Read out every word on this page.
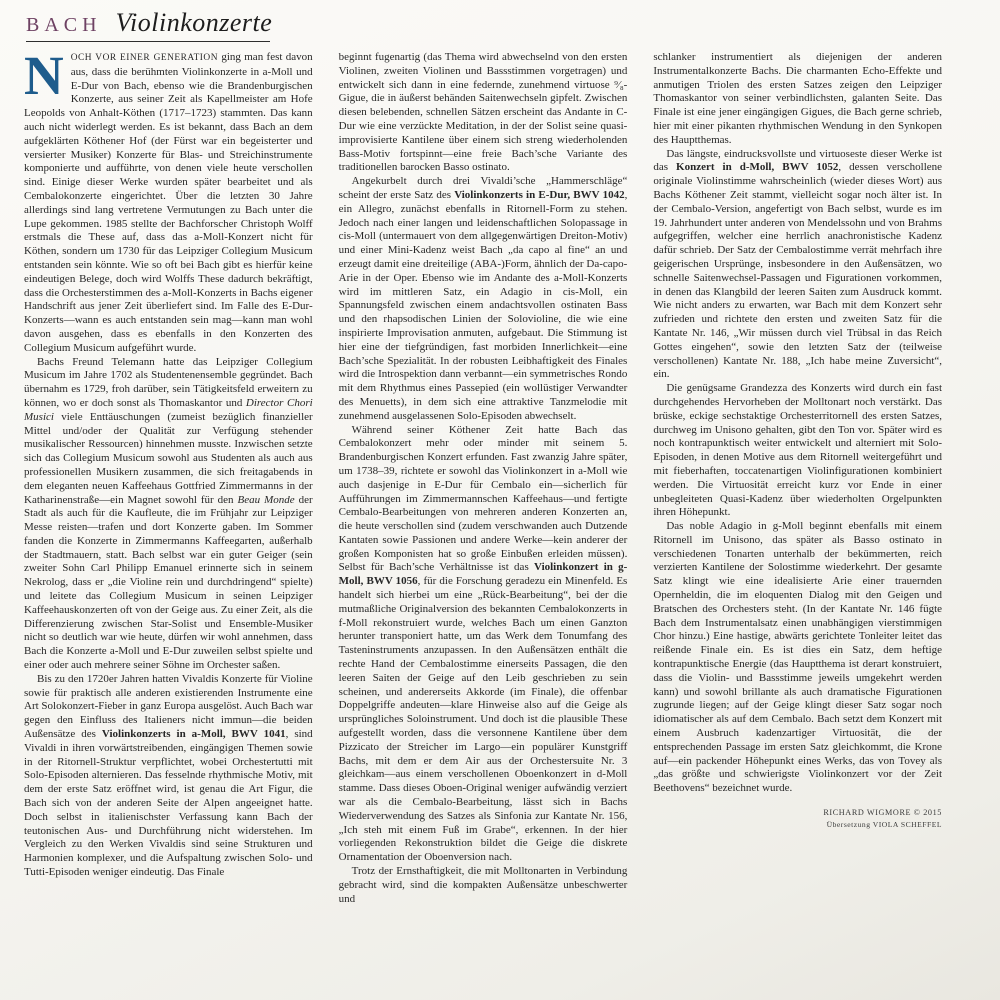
BACH Violinkonzerte

NOCH VOR EINER GENERATION ging man fest davon aus, dass die berühmten Violinkonzerte in a-Moll und E-Dur von Bach, ebenso wie die Brandenburgischen Konzerte, aus seiner Zeit als Kapellmeister am Hofe Leopolds von Anhalt-Köthen (1717–1723) stammten. Das kann auch nicht widerlegt werden. Es ist bekannt, dass Bach an dem aufgeklärten Köthener Hof (der Fürst war ein begeisterter und versierter Musiker) Konzerte für Blas- und Streichinstrumente komponierte und aufführte, von denen viele heute verschollen sind. Einige dieser Werke wurden später bearbeitet und als Cembalokonzerte eingerichtet. Über die letzten 30 Jahre allerdings sind lang vertretene Vermutungen zu Bach unter die Lupe gekommen. 1985 stellte der Bachforscher Christoph Wolff erstmals die These auf, dass das a-Moll-Konzert nicht für Köthen, sondern um 1730 für das Leipziger Collegium Musicum entstanden sein könnte. Wie so oft bei Bach gibt es hierfür keine eindeutigen Belege, doch wird Wolffs These dadurch bekräftigt, dass die Orchesterstimmen des a-Moll-Konzerts in Bachs eigener Handschrift aus jener Zeit überliefert sind. Im Falle des E-Dur-Konzerts—wann es auch entstanden sein mag—kann man wohl davon ausgehen, dass es ebenfalls in den Konzerten des Collegium Musicum aufgeführt wurde.

Bachs Freund Telemann hatte das Leipziger Collegium Musicum im Jahre 1702 als Studentenensemble gegründet. Bach übernahm es 1729, froh darüber, sein Tätigkeitsfeld erweitern zu können, wo er doch sonst als Thomaskantor und Director Chori Musici viele Enttäuschungen (zumeist bezüglich finanzieller Mittel und/oder der Qualität zur Verfügung stehender musikalischer Ressourcen) hinnehmen musste. Inzwischen setzte sich das Collegium Musicum sowohl aus Studenten als auch aus professionellen Musikern zusammen, die sich freitagabends in dem eleganten neuen Kaffeehaus Gottfried Zimmermanns in der Katharinenstraße—ein Magnet sowohl für den Beau Monde der Stadt als auch für die Kaufleute, die im Frühjahr zur Leipziger Messe reisten—trafen und dort Konzerte gaben. Im Sommer fanden die Konzerte in Zimmermanns Kaffeegarten, außerhalb der Stadtmauern, statt. Bach selbst war ein guter Geiger (sein zweiter Sohn Carl Philipp Emanuel erinnerte sich in seinem Nekrolog, dass er „die Violine rein und durchdringend“ spielte) und leitete das Collegium Musicum in seinen Leipziger Kaffeehauskonzerten oft von der Geige aus. Zu einer Zeit, als die Differenzierung zwischen Star-Solist und Ensemble-Musiker nicht so deutlich war wie heute, dürfen wir wohl annehmen, dass Bach die Konzerte a-Moll und E-Dur zuweilen selbst spielte und einer oder auch mehrere seiner Söhne im Orchester saßen.

Bis zu den 1720er Jahren hatten Vivaldis Konzerte für Violine sowie für praktisch alle anderen existierenden Instrumente eine Art Solokonzert-Fieber in ganz Europa ausgelöst. Auch Bach war gegen den Einfluss des Italieners nicht immun—die beiden Außensätze des Violinkonzerts in a-Moll, BWV 1041, sind Vivaldi in ihren vorwärtstreibenden, eingängigen Themen sowie in der Ritornell-Struktur verpflichtet, wobei Orchestertutti mit Solo-Episoden alternieren. Das fesselnde rhythmische Motiv, mit dem der erste Satz eröffnet wird, ist genau die Art Figur, die Bach sich von der anderen Seite der Alpen angeeignet hatte. Doch selbst in italienischster Verfassung kann Bach der teutonischen Aus- und Durchführung nicht widerstehen. Im Vergleich zu den Werken Vivaldis sind seine Strukturen und Harmonien komplexer, und die Aufspaltung zwischen Solo- und Tutti-Episoden weniger eindeutig. Das Finale

beginnt fugenartig (das Thema wird abwechselnd von den ersten Violinen, zweiten Violinen und Bassstimmen vorgetragen) und entwickelt sich dann in eine federnde, zunehmend virtuose ⁹⁄₈-Gigue, die in äußerst behänden Saitenwechseln gipfelt. Zwischen diesen belebenden, schnellen Sätzen erscheint das Andante in C-Dur wie eine verzückte Meditation, in der der Solist seine quasi-improvisierte Kantilene über einem sich streng wiederholenden Bass-Motiv fortspinnt—eine freie Bach’sche Variante des traditionellen barocken Basso ostinato.

Angekurbelt durch drei Vivaldi’sche „Hammerschläge“ scheint der erste Satz des Violinkonzerts in E-Dur, BWV 1042, ein Allegro, zunächst ebenfalls in Ritornell-Form zu stehen. Jedoch nach einer langen und leidenschaftlichen Solopassage in cis-Moll (untermauert von dem allgegenwärtigen Dreiton-Motiv) und einer Mini-Kadenz weist Bach „da capo al fine“ an und erzeugt damit eine dreiteilige (ABA-)Form, ähnlich der Da-capo-Arie in der Oper. Ebenso wie im Andante des a-Moll-Konzerts wird im mittleren Satz, ein Adagio in cis-Moll, ein Spannungsfeld zwischen einem andachtsvollen ostinaten Bass und den rhapsodischen Linien der Solovioline, die wie eine inspirierte Improvisation anmuten, aufgebaut. Die Stimmung ist hier eine der tiefgründigen, fast morbiden Innerlichkeit—eine Bach’sche Spezialität. In der robusten Leibhaftigkeit des Finales wird die Introspektion dann verbannt—ein symmetrisches Rondo mit dem Rhythmus eines Passepied (ein wollüstiger Verwandter des Menuetts), in dem sich eine attraktive Tanzmelodie mit zunehmend ausgelassenen Solo-Episoden abwechselt.

Während seiner Köthener Zeit hatte Bach das Cembalokonzert mehr oder minder mit seinem 5. Brandenburgischen Konzert erfunden. Fast zwanzig Jahre später, um 1738–39, richtete er sowohl das Violinkonzert in a-Moll wie auch dasjenige in E-Dur für Cembalo ein—sicherlich für Aufführungen im Zimmermannschen Kaffeehaus—und fertigte Cembalo-Bearbeitungen von mehreren anderen Konzerten an, die heute verschollen sind (zudem verschwanden auch Dutzende Kantaten sowie Passionen und andere Werke—kein anderer der großen Komponisten hat so große Einbußen erleiden müssen). Selbst für Bach’sche Verhältnisse ist das Violinkonzert in g-Moll, BWV 1056, für die Forschung geradezu ein Minenfeld. Es handelt sich hierbei um eine „Rück-Bearbeitung“, bei der die mutmaßliche Originalversion des bekannten Cembalokonzerts in f-Moll rekonstruiert wurde, welches Bach um einen Ganzton herunter transponiert hatte, um das Werk dem Tonumfang des Tasteninstruments anzupassen. In den Außensätzen enthält die rechte Hand der Cembalostimme einerseits Passagen, die den leeren Saiten der Geige auf den Leib geschrieben zu sein scheinen, und andererseits Akkorde (im Finale), die offenbar Doppelgriffe andeuten—klare Hinweise also auf die Geige als ursprüngliches Soloinstrument. Und doch ist die plausible These aufgestellt worden, dass die versonnene Kantilene über dem Pizzicato der Streicher im Largo—ein populärer Kunstgriff Bachs, mit dem er dem Air aus der Orchestersuite Nr. 3 gleichkam—aus einem verschollenen Oboenkonzert in d-Moll stamme. Dass dieses Oboen-Original weniger aufwändig verziert war als die Cembalo-Bearbeitung, lässt sich in Bachs Wiederverwendung des Satzes als Sinfonia zur Kantate Nr. 156, „Ich steh mit einem Fuß im Grabe“, erkennen. In der hier vorliegenden Rekonstruktion bildet die Geige die diskrete Ornamentation der Oboenversion nach.

Trotz der Ernsthaftigkeit, die mit Molltonarten in Verbindung gebracht wird, sind die kompakten Außensätze unbeschwerter und

schlanker instrumentiert als diejenigen der anderen Instrumentalkonzerte Bachs. Die charmanten Echo-Effekte und anmutigen Triolen des ersten Satzes zeigen den Leipziger Thomaskantor von seiner verbindlichsten, galanten Seite. Das Finale ist eine jener eingängigen Gigues, die Bach gerne schrieb, hier mit einer pikanten rhythmischen Wendung in den Synkopen des Hauptthemas.

Das längste, eindrucksvollste und virtuoseste dieser Werke ist das Konzert in d-Moll, BWV 1052, dessen verschollene originale Violinstimme wahrscheinlich (wieder dieses Wort) aus Bachs Köthener Zeit stammt, vielleicht sogar noch älter ist. In der Cembalo-Version, angefertigt von Bach selbst, wurde es im 19. Jahrhundert unter anderen von Mendelssohn und von Brahms aufgegriffen, welcher eine herrlich anachronistische Kadenz dafür schrieb. Der Satz der Cembalostimme verrät mehrfach ihre geigerischen Ursprünge, insbesondere in den Außensätzen, wo schnelle Saitenwechsel-Passagen und Figurationen vorkommen, in denen das Klangbild der leeren Saiten zum Ausdruck kommt. Wie nicht anders zu erwarten, war Bach mit dem Konzert sehr zufrieden und richtete den ersten und zweiten Satz für die Kantate Nr. 146, „Wir müssen durch viel Trübsal in das Reich Gottes eingehen“, sowie den letzten Satz der (teilweise verschollenen) Kantate Nr. 188, „Ich habe meine Zuversicht“, ein.

Die genügsame Grandezza des Konzerts wird durch ein fast durchgehendes Hervorheben der Molltonart noch verstärkt. Das brüske, eckige sechstaktige Orchesterritornell des ersten Satzes, durchweg im Unisono gehalten, gibt den Ton vor. Später wird es noch kontrapunktisch weiter entwickelt und alterniert mit Solo-Episoden, in denen Motive aus dem Ritornell weitergeführt und mit fieberhaften, toccatenartigen Violinfigurationen kombiniert werden. Die Virtuosität erreicht kurz vor Ende in einer unbegleiteten Quasi-Kadenz über wiederholten Orgelpunkten ihren Höhepunkt.

Das noble Adagio in g-Moll beginnt ebenfalls mit einem Ritornell im Unisono, das später als Basso ostinato in verschiedenen Tonarten unterhalb der bekümmerten, reich verzierten Kantilene der Solostimme wiederkehrt. Der gesamte Satz klingt wie eine idealisierte Arie einer trauernden Opernheldin, die im eloquenten Dialog mit den Geigen und Bratschen des Orchesters steht. (In der Kantate Nr. 146 fügte Bach dem Instrumentalsatz einen unabhängigen vierstimmigen Chor hinzu.) Eine hastige, abwärts gerichtete Tonleiter leitet das reißende Finale ein. Es ist dies ein Satz, dem heftige kontrapunktische Energie (das Hauptthema ist derart konstruiert, dass die Violin- und Bassstimme jeweils umgekehrt werden kann) und sowohl brillante als auch dramatische Figurationen zugrunde liegen; auf der Geige klingt dieser Satz sogar noch idiomatischer als auf dem Cembalo. Bach setzt dem Konzert mit einem Ausbruch kadenzartiger Virtuosität, die der entsprechenden Passage im ersten Satz gleichkommt, die Krone auf—ein packender Höhepunkt eines Werks, das von Tovey als „das größte und schwierigste Violinkonzert vor der Zeit Beethovens“ bezeichnet wurde.

RICHARD WIGMORE © 2015
Übersetzung VIOLA SCHEFFEL
